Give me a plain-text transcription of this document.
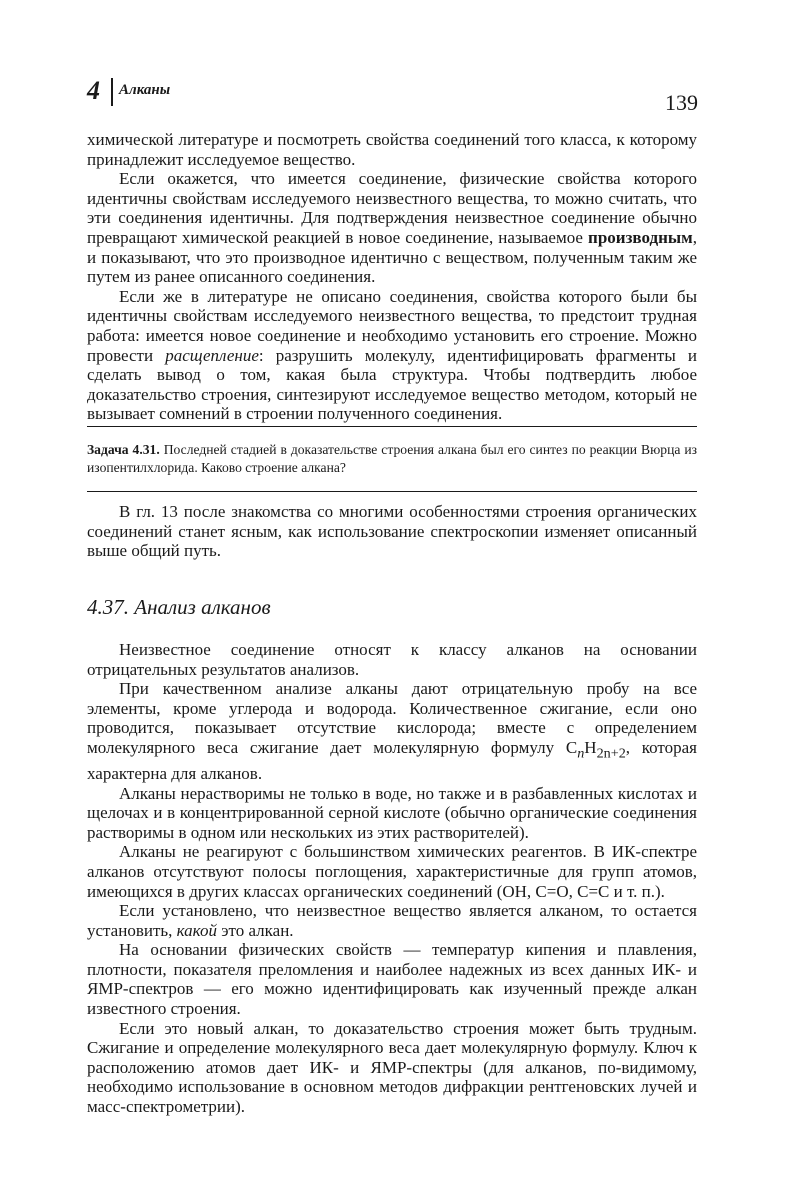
4 Алканы	139

химической литературе и посмотреть свойства соединений того класса, к которому принадлежит исследуемое вещество.

Если окажется, что имеется соединение, физические свойства которого идентичны свойствам исследуемого неизвестного вещества, то можно считать, что эти соединения идентичны. Для подтверждения неизвестное соединение обычно превращают химической реакцией в новое соединение, называемое производным, и показывают, что это производное идентично с веществом, полученным таким же путем из ранее описанного соединения.

Если же в литературе не описано соединения, свойства которого были бы идентичны свойствам исследуемого неизвестного вещества, то предстоит трудная работа: имеется новое соединение и необходимо установить его строение. Можно провести расщепление: разрушить молекулу, идентифицировать фрагменты и сделать вывод о том, какая была структура. Чтобы подтвердить любое доказательство строения, синтезируют исследуемое вещество методом, который не вызывает сомнений в строении полученного соединения.

Задача 4.31. Последней стадией в доказательстве строения алкана был его синтез по реакции Вюрца из изопентилхлорида. Каково строение алкана?

В гл. 13 после знакомства со многими особенностями строения органических соединений станет ясным, как использование спектроскопии изменяет описанный выше общий путь.

4.37. Анализ алканов

Неизвестное соединение относят к классу алканов на основании отрицательных результатов анализов.

При качественном анализе алканы дают отрицательную пробу на все элементы, кроме углерода и водорода. Количественное сжигание, если оно проводится, показывает отсутствие кислорода; вместе с определением молекулярного веса сжигание дает молекулярную формулу $C_nH_{2n+2}$, которая характерна для алканов.

Алканы нерастворимы не только в воде, но также и в разбавленных кислотах и щелочах и в концентрированной серной кислоте (обычно органические соединения растворимы в одном или нескольких из этих растворителей).

Алканы не реагируют с большинством химических реагентов. В ИК-спектре алканов отсутствуют полосы поглощения, характеристичные для групп атомов, имеющихся в других классах органических соединений (OH, C=O, C=C и т. п.).

Если установлено, что неизвестное вещество является алканом, то остается установить, какой это алкан.

На основании физических свойств — температур кипения и плавления, плотности, показателя преломления и наиболее надежных из всех данных ИК- и ЯМР-спектров — его можно идентифицировать как изученный прежде алкан известного строения.

Если это новый алкан, то доказательство строения может быть трудным. Сжигание и определение молекулярного веса дает молекулярную формулу. Ключ к расположению атомов дает ИК- и ЯМР-спектры (для алканов, по-видимому, необходимо использование в основном методов дифракции рентгеновских лучей и масс-спектрометрии).
